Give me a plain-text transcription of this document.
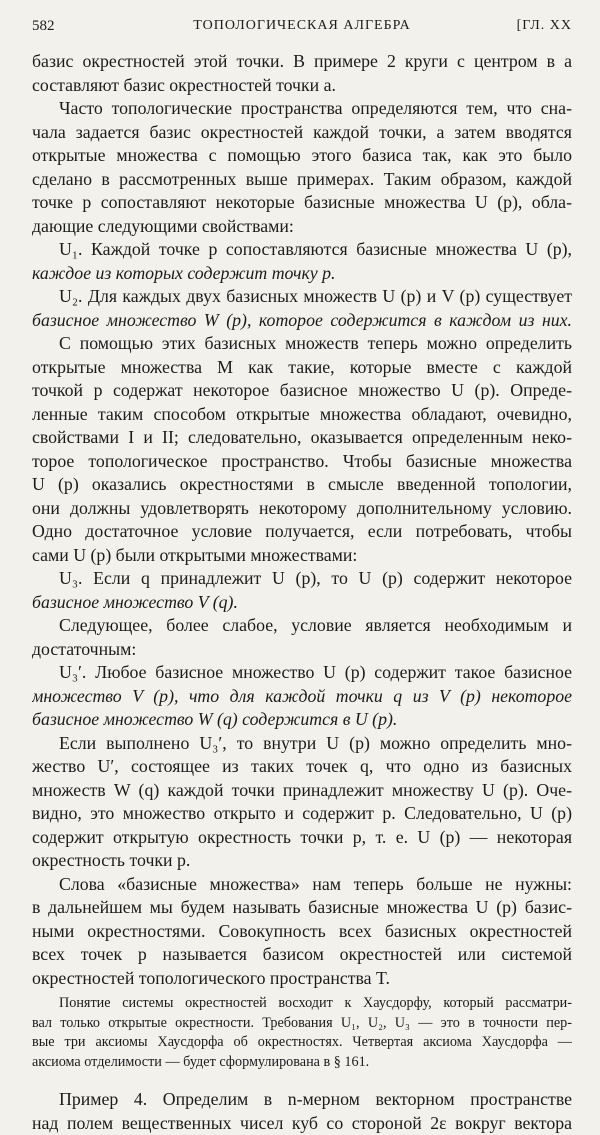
582	ТОПОЛОГИЧЕСКАЯ АЛГЕБРА	[ГЛ. XX
базис окрестностей этой точки. В примере 2 круги с центром в a
составляют базис окрестностей точки a.
Часто топологические пространства определяются тем, что сна-
чала задается базис окрестностей каждой точки, а затем вводятся
открытые множества с помощью этого базиса так, как это было
сделано в рассмотренных выше примерах. Таким образом, каждой
точке p сопоставляют некоторые базисные множества U (p), обла-
дающие следующими свойствами:
U₁. Каждой точке p сопоставляются базисные множества U (p),
каждое из которых содержит точку p.
U₂. Для каждых двух базисных множеств U (p) и V (p) существует
базисное множество W (p), которое содержится в каждом из них.
С помощью этих базисных множеств теперь можно определить
открытые множества M как такие, которые вместе с каждой
точкой p содержат некоторое базисное множество U (p). Опреде-
ленные таким способом открытые множества обладают, очевидно,
свойствами I и II; следовательно, оказывается определенным неко-
торое топологическое пространство. Чтобы базисные множества
U (p) оказались окрестностями в смысле введенной топологии,
они должны удовлетворять некоторому дополнительному условию.
Одно достаточное условие получается, если потребовать, чтобы
сами U (p) были открытыми множествами:
U₃. Если q принадлежит U (p), то U (p) содержит некоторое
базисное множество V (q).
Следующее, более слабое, условие является необходимым и
достаточным:
U₃′. Любое базисное множество U (p) содержит такое базисное
множество V (p), что для каждой точки q из V (p) некоторое
базисное множество W (q) содержится в U (p).
Если выполнено U₃′, то внутри U (p) можно определить мно-
жество U′, состоящее из таких точек q, что одно из базисных
множеств W (q) каждой точки принадлежит множеству U (p). Оче-
видно, это множество открыто и содержит p. Следовательно, U (p)
содержит открытую окрестность точки p, т. е. U (p) — некоторая
окрестность точки p.
Слова «базисные множества» нам теперь больше не нужны:
в дальнейшем мы будем называть базисные множества U (p) базис-
ными окрестностями. Совокупность всех базисных окрестностей
всех точек p называется базисом окрестностей или системой
окрестностей топологического пространства T.
Понятие системы окрестностей восходит к Хаусдорфу, который рассматри-
вал только открытые окрестности. Требования U₁, U₂, U₃ — это в точности пер-
вые три аксиомы Хаусдорфа об окрестностях. Четвертая аксиома Хаусдорфа —
аксиома отделимости — будет сформулирована в § 161.
Пример 4. Определим в n-мерном векторном пространстве
над полем вещественных чисел куб со стороной 2ε вокруг вектора
